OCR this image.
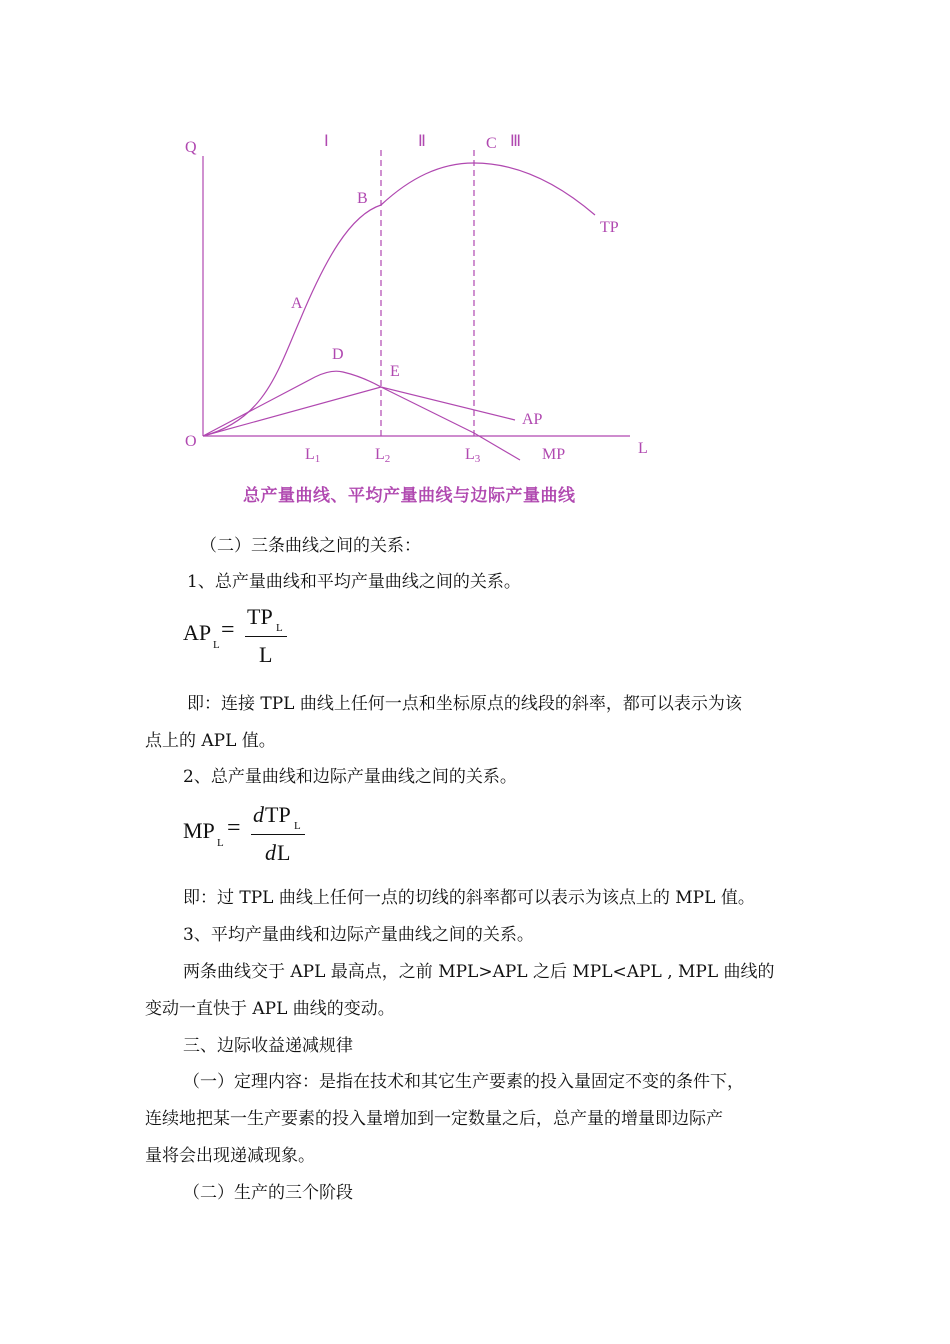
Q
L
O
Ⅰ	Ⅱ	Ⅲ
A
B
C
D
E
TP
AP
MP
L1	L2	L3
总产量曲线、平均产量曲线与边际产量曲线
（二）三条曲线之间的关系：
1、总产量曲线和平均产量曲线之间的关系。
AP L
=
TP L
L
即：连接 TPL 曲线上任何一点和坐标原点的线段的斜率，都可以表示为该
点上的 APL 值。
2、总产量曲线和边际产量曲线之间的关系。
MP L
=
d TP L
d L
即：过 TPL 曲线上任何一点的切线的斜率都可以表示为该点上的 MPL 值。
3、平均产量曲线和边际产量曲线之间的关系。
两条曲线交于 APL 最高点，之前 MPL>APL 之后 MPL<APL , MPL 曲线的
变动一直快于 APL 曲线的变动。
三、边际收益递减规律
（一）定理内容：是指在技术和其它生产要素的投入量固定不变的条件下，
连续地把某一生产要素的投入量增加到一定数量之后，总产量的增量即边际产
量将会出现递减现象。
（二）生产的三个阶段
